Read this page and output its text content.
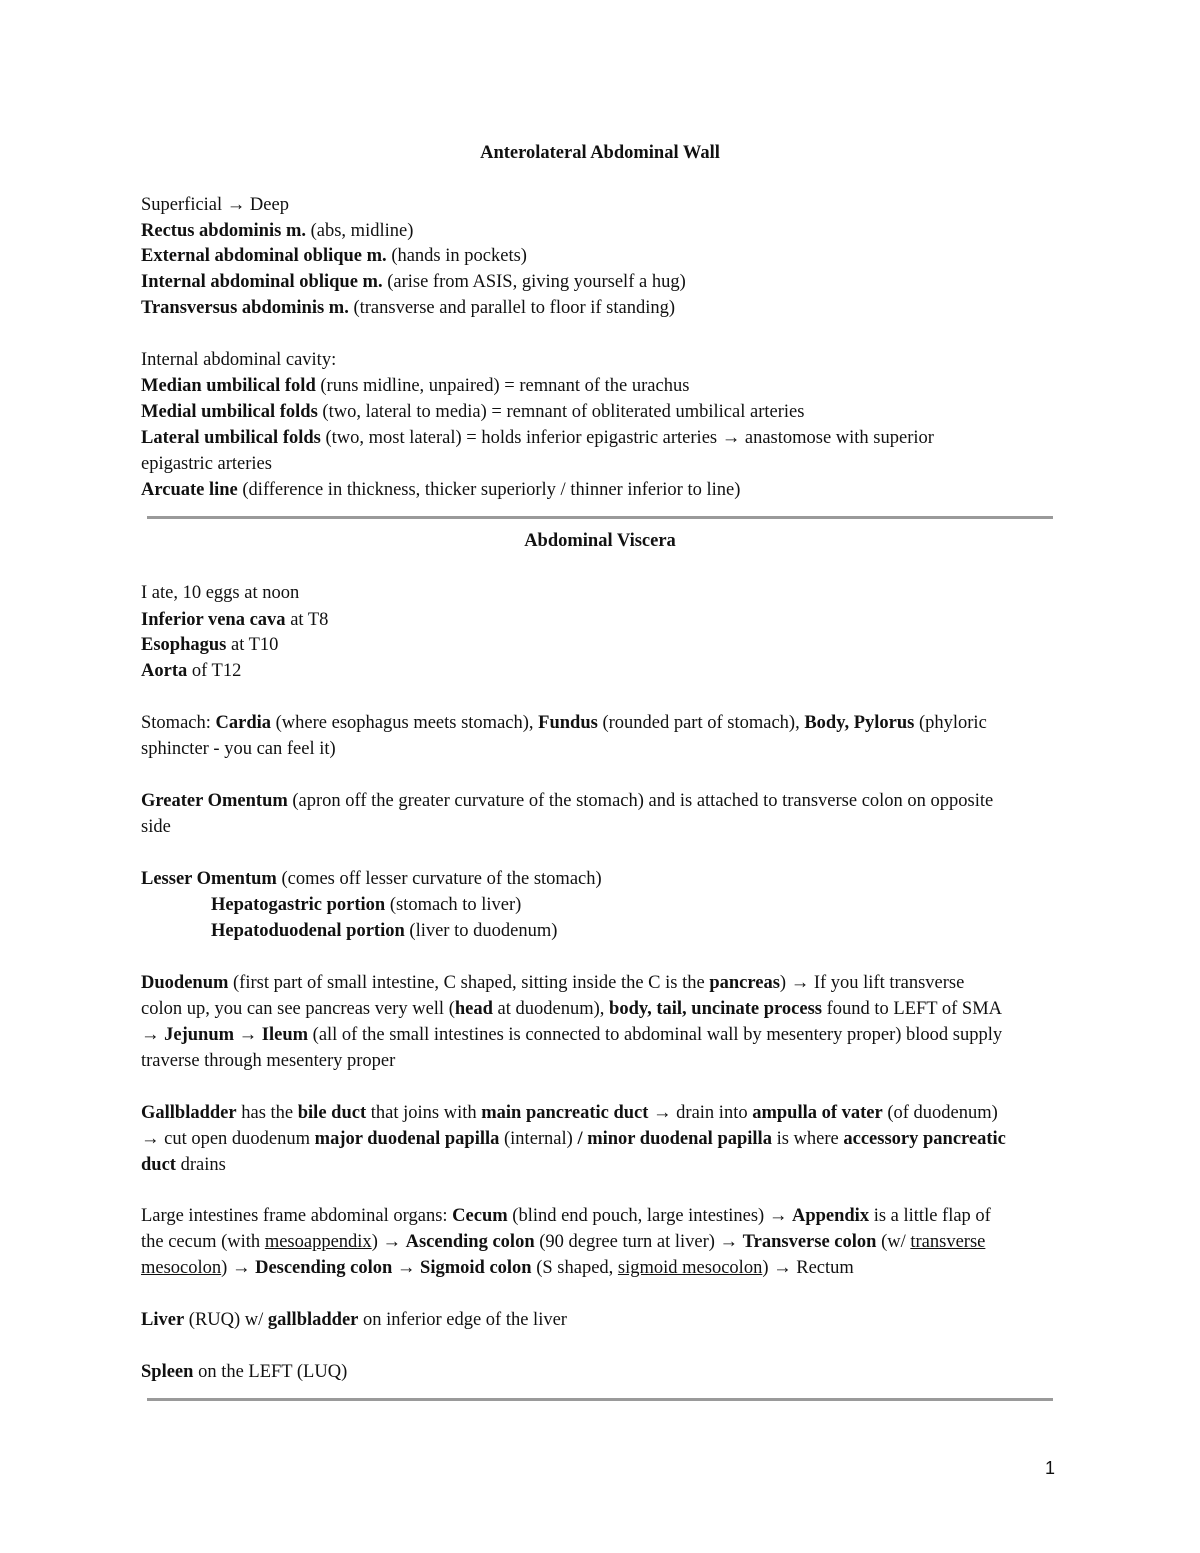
Anterolateral Abdominal Wall
Superficial → Deep
Rectus abdominis m. (abs, midline)
External abdominal oblique m. (hands in pockets)
Internal abdominal oblique m. (arise from ASIS, giving yourself a hug)
Transversus abdominis m. (transverse and parallel to floor if standing)
Internal abdominal cavity:
Median umbilical fold (runs midline, unpaired) = remnant of the urachus
Medial umbilical folds (two, lateral to media) = remnant of obliterated umbilical arteries
Lateral umbilical folds (two, most lateral) = holds inferior epigastric arteries → anastomose with superior
epigastric arteries
Arcuate line (difference in thickness, thicker superiorly / thinner inferior to line)
Abdominal Viscera
I ate, 10 eggs at noon
Inferior vena cava at T8
Esophagus at T10
Aorta of T12
Stomach: Cardia (where esophagus meets stomach), Fundus (rounded part of stomach), Body, Pylorus (phyloric
sphincter - you can feel it)
Greater Omentum (apron off the greater curvature of the stomach) and is attached to transverse colon on opposite
side
Lesser Omentum (comes off lesser curvature of the stomach)
Hepatogastric portion (stomach to liver)
Hepatoduodenal portion (liver to duodenum)
Duodenum (first part of small intestine, C shaped, sitting inside the C is the pancreas) → If you lift transverse
colon up, you can see pancreas very well (head at duodenum), body, tail, uncinate process found to LEFT of SMA
→ Jejunum → Ileum (all of the small intestines is connected to abdominal wall by mesentery proper) blood supply
traverse through mesentery proper
Gallbladder has the bile duct that joins with main pancreatic duct → drain into ampulla of vater (of duodenum)
→ cut open duodenum major duodenal papilla (internal) / minor duodenal papilla is where accessory pancreatic
duct drains
Large intestines frame abdominal organs: Cecum (blind end pouch, large intestines) → Appendix is a little flap of
the cecum (with mesoappendix) → Ascending colon (90 degree turn at liver) → Transverse colon (w/ transverse
mesocolon) → Descending colon → Sigmoid colon (S shaped, sigmoid mesocolon) → Rectum
Liver (RUQ) w/ gallbladder on inferior edge of the liver
Spleen on the LEFT (LUQ)
1
